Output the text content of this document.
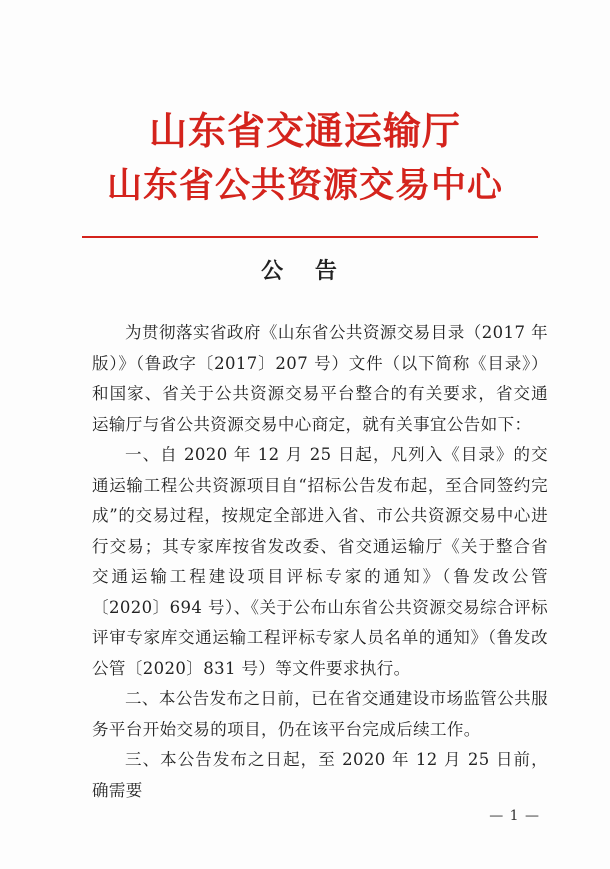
山东省交通运输厅
山东省公共资源交易中心
公 告

为贯彻落实省政府《山东省公共资源交易目录（2017 年版）》（鲁政字〔2017〕207 号）文件（以下简称《目录》）和国家、省关于公共资源交易平台整合的有关要求，省交通运输厅与省公共资源交易中心商定，就有关事宜公告如下：

一、自 2020 年 12 月 25 日起，凡列入《目录》的交通运输工程公共资源项目自“招标公告发布起，至合同签约完成”的交易过程，按规定全部进入省、市公共资源交易中心进行交易；其专家库按省发改委、省交通运输厅《关于整合省交通运输工程建设项目评标专家的通知》（鲁发改公管〔2020〕694 号）、《关于公布山东省公共资源交易综合评标评审专家库交通运输工程评标专家人员名单的通知》（鲁发改公管〔2020〕831 号）等文件要求执行。

二、本公告发布之日前，已在省交通建设市场监管公共服务平台开始交易的项目，仍在该平台完成后续工作。

三、本公告发布之日起，至 2020 年 12 月 25 日前，确需要

— 1 —
